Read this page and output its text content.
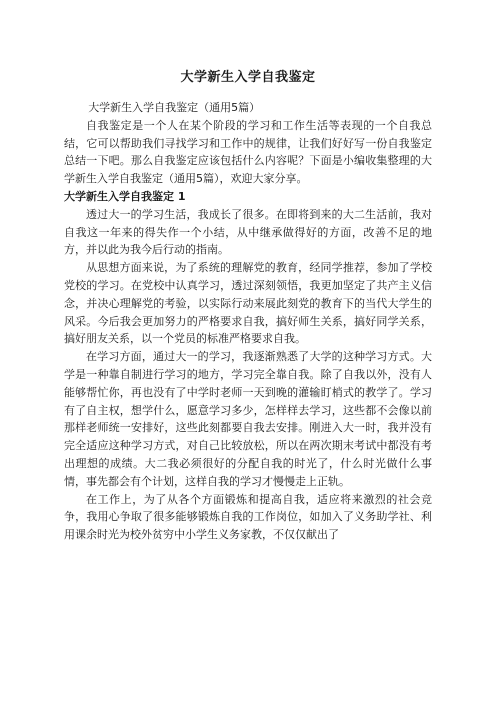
大学新生入学自我鉴定

大学新生入学自我鉴定（通用5篇）

自我鉴定是一个人在某个阶段的学习和工作生活等表现的一个自我总结，它可以帮助我们寻找学习和工作中的规律，让我们好好写一份自我鉴定总结一下吧。那么自我鉴定应该包括什么内容呢？下面是小编收集整理的大学新生入学自我鉴定（通用5篇），欢迎大家分享。

大学新生入学自我鉴定 1

透过大一的学习生活，我成长了很多。在即将到来的大二生活前，我对自我这一年来的得失作一个小结，从中继承做得好的方面，改善不足的地方，并以此为我今后行动的指南。

从思想方面来说，为了系统的理解党的教育，经同学推荐，参加了学校党校的学习。在党校中认真学习，透过深刻领悟，我更加坚定了共产主义信念，并决心理解党的考验，以实际行动来展此刻党的教育下的当代大学生的风采。今后我会更加努力的严格要求自我，搞好师生关系，搞好同学关系，搞好朋友关系，以一个党员的标准严格要求自我。

在学习方面，通过大一的学习，我逐渐熟悉了大学的这种学习方式。大学是一种靠自制进行学习的地方，学习完全靠自我。除了自我以外，没有人能够帮忙你，再也没有了中学时老师一天到晚的灌输盯梢式的教学了。学习有了自主权，想学什么，愿意学习多少，怎样样去学习，这些都不会像以前那样老师统一安排好，这些此刻都要自我去安排。刚进入大一时，我并没有完全适应这种学习方式，对自己比较放松，所以在两次期末考试中都没有考出理想的成绩。大二我必须很好的分配自我的时光了，什么时光做什么事情，事先都会有个计划，这样自我的学习才慢慢走上正轨。

在工作上，为了从各个方面锻炼和提高自我，适应将来激烈的社会竞争，我用心争取了很多能够锻炼自我的工作岗位，如加入了义务助学社、利用课余时光为校外贫穷中小学生义务家教，不仅仅献出了
